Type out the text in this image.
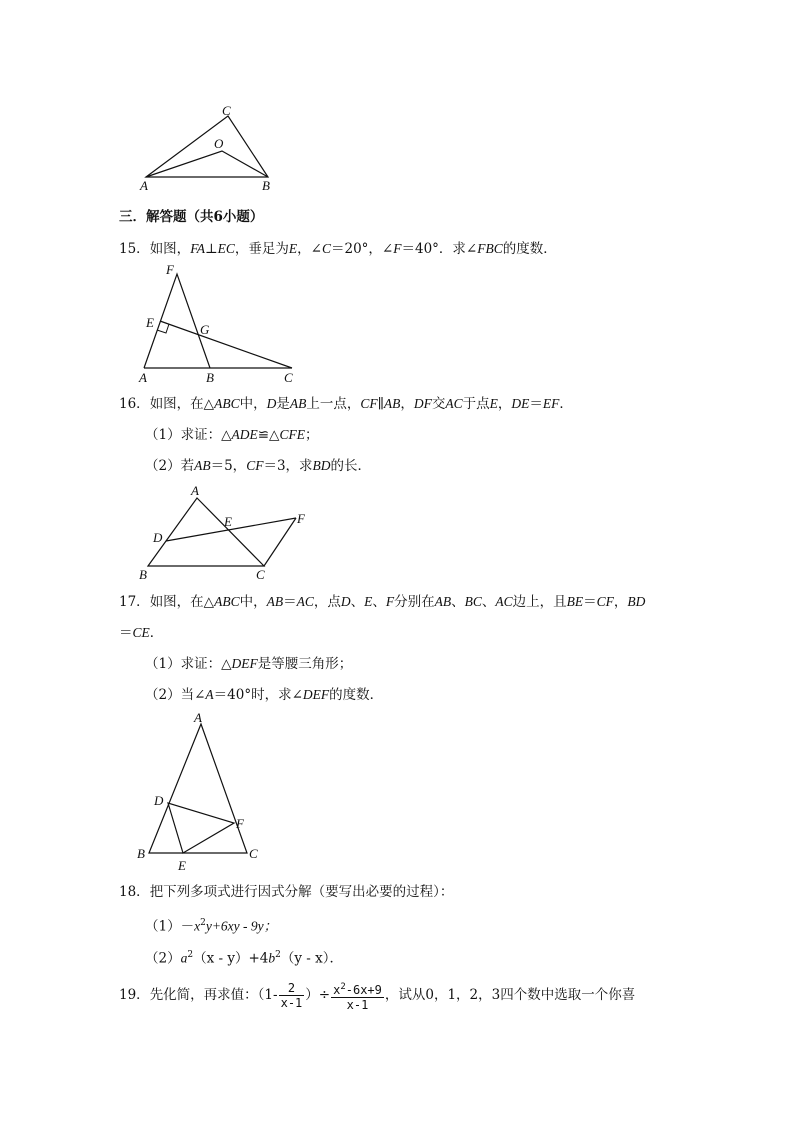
C
O
A	B
三．解答题（共6小题）
15．如图，FA⊥EC，垂足为E，∠C＝20°，∠F＝40°．求∠FBC的度数．
F
E	G
A	B	C
16．如图，在△ABC中，D是AB上一点，CF∥AB，DF交AC于点E，DE＝EF．
（1）求证：△ADE≌△CFE；
（2）若AB＝5，CF＝3，求BD的长．
A
D
E	F
B	C
17．如图，在△ABC中，AB＝AC，点D、E、F分别在AB、BC、AC边上，且BE＝CF，BD
＝CE．
（1）求证：△DEF是等腰三角形；
（2）当∠A＝40°时，求∠DEF的度数．
A
D
F
B
E
C
18．把下列多项式进行因式分解（要写出必要的过程）：
$(1)-x^2y+6xy - 9y$；
$(2)a^2(x - y)+4b^2(y - x)$．
19．先化简，再求值：（$1- \frac{2}{x-1}$ ）÷ $\frac{x^2-6x+9}{x-1}$ ，试从0，1，2，3四个数中选取一个你喜
